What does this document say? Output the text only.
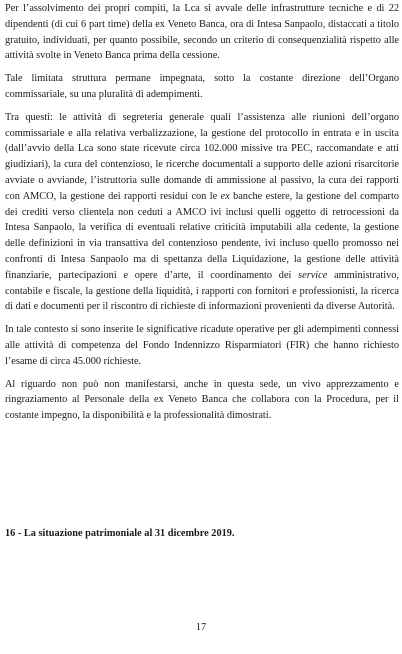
Per l’assolvimento dei propri compiti, la Lca si avvale delle infrastrutture tecniche e di 22 dipendenti (di cui 6 part time) della ex Veneto Banca, ora di Intesa Sanpaolo, distaccati a titolo gratuito, individuati, per quanto possibile, secondo un criterio di consequenzialità rispetto alle attività svolte in Veneto Banca prima della cessione.

Tale limitata struttura permane impegnata, sotto la costante direzione dell’Organo commissariale, su una pluralità di adempimenti.

Tra questi: le attività di segreteria generale quali l’assistenza alle riunioni dell’organo commissariale e alla relativa verbalizzazione, la gestione del protocollo in entrata e in uscita (dall’avvio della Lca sono state ricevute circa 102.000 missive tra PEC, raccomandate e atti giudiziari), la cura del contenzioso, le ricerche documentali a supporto delle azioni risarcitorie avviate o avviande, l’istruttoria sulle domande di ammissione al passivo, la cura dei rapporti con AMCO, la gestione dei rapporti residui con le ex banche estere, la gestione del comparto dei crediti verso clientela non ceduti a AMCO ivi inclusi quelli oggetto di retrocessioni da Intesa Sanpaolo, la verifica di eventuali relative criticità imputabili alla cedente, la gestione delle definizioni in via transattiva del contenzioso pendente, ivi incluso quello promosso nei confronti di Intesa Sanpaolo ma di spettanza della Liquidazione, la gestione delle attività finanziarie, partecipazioni e opere d’arte, il coordinamento dei service amministrativo, contabile e fiscale, la gestione della liquidità, i rapporti con fornitori e professionisti, la ricerca di dati e documenti per il riscontro di richieste di informazioni provenienti da diverse Autorità.

In tale contesto si sono inserite le significative ricadute operative per gli adempimenti connessi alle attività di competenza del Fondo Indennizzo Risparmiatori (FIR) che hanno richiesto l’esame di circa 45.000 richieste.

Al riguardo non può non manifestarsi, anche in questa sede, un vivo apprezzamento e ringraziamento al Personale della ex Veneto Banca che collabora con la Procedura, per il costante impegno, la disponibilità e la professionalità dimostrati.

16 - La situazione patrimoniale al 31 dicembre 2019.

17
